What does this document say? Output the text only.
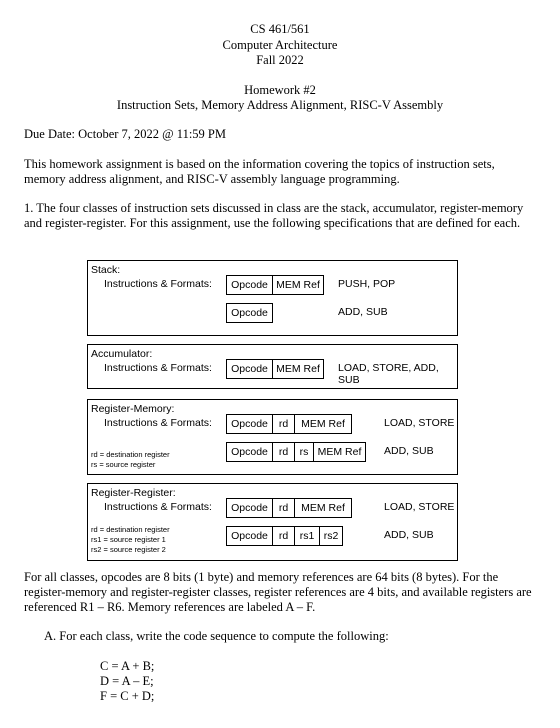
CS 461/561
Computer Architecture
Fall 2022
Homework #2
Instruction Sets, Memory Address Alignment, RISC-V Assembly
Due Date: October 7, 2022 @ 11:59 PM
This homework assignment is based on the information covering the topics of instruction sets, memory address alignment, and RISC-V assembly language programming.
1. The four classes of instruction sets discussed in class are the stack, accumulator, register-memory and register-register. For this assignment, use the following specifications that are defined for each.
Stack:
Instructions & Formats:	Opcode MEM Ref	PUSH, POP
Opcode	ADD, SUB
Accumulator:
Instructions & Formats:	Opcode MEM Ref	LOAD, STORE, ADD, SUB
Register-Memory:
Instructions & Formats:	Opcode	rd	MEM Ref	LOAD, STORE
Opcode	rd	rs MEM Ref	ADD, SUB
rd = destination register
rs = source register
Register-Register:
Instructions & Formats:	Opcode	rd	MEM Ref	LOAD, STORE
Opcode	rd	rs1 rs2	ADD, SUB
rd = destination register
rs1 = source register 1
rs2 = source register 2
For all classes, opcodes are 8 bits (1 byte) and memory references are 64 bits (8 bytes). For the register-memory and register-register classes, register references are 4 bits, and available registers are referenced R1 – R6. Memory references are labeled A – F.
A. For each class, write the code sequence to compute the following:
C = A + B;
D = A – E;
F = C + D;
